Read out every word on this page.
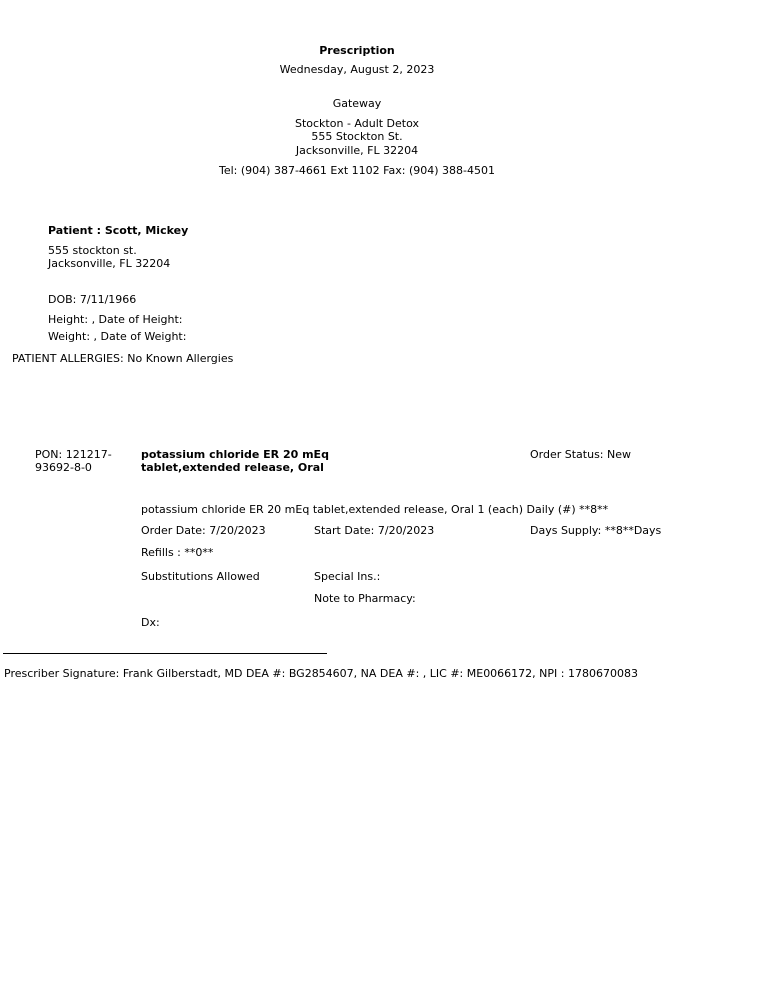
Prescription
Wednesday, August 2, 2023
Gateway
Stockton - Adult Detox
555 Stockton St.
Jacksonville, FL 32204
Tel: (904) 387-4661 Ext 1102 Fax: (904) 388-4501
Patient : Scott, Mickey
555 stockton st.
Jacksonville, FL 32204
DOB: 7/11/1966
Height: , Date of Height:
Weight: , Date of Weight:
PATIENT ALLERGIES: No Known Allergies
PON: 121217-
93692-8-0
potassium chloride ER 20 mEq
tablet,extended release, Oral
Order Status: New
potassium chloride ER 20 mEq tablet,extended release, Oral 1 (each) Daily (#) **8**
Order Date: 7/20/2023	Start Date: 7/20/2023	Days Supply: **8**Days
Refills : **0**
Substitutions Allowed	Special Ins.:
Note to Pharmacy:
Dx:
Prescriber Signature: Frank Gilberstadt, MD DEA #: BG2854607, NA DEA #: , LIC #: ME0066172, NPI : 1780670083
